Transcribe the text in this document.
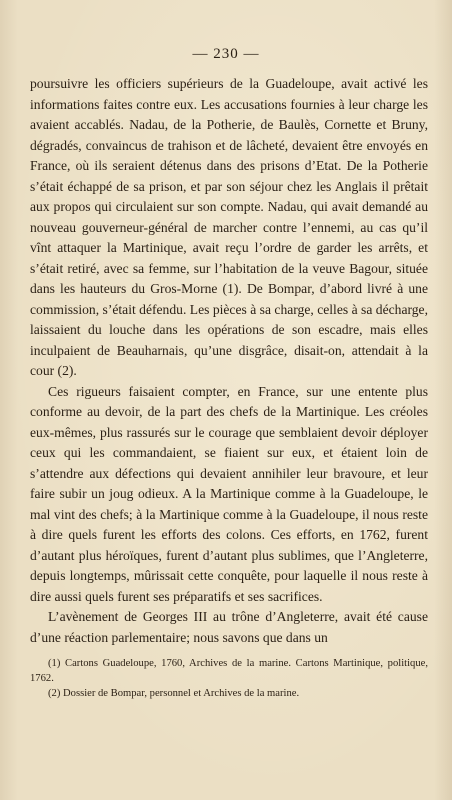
— 230 —

poursuivre les officiers supérieurs de la Guadeloupe, avait activé les informations faites contre eux. Les accusations fournies à leur charge les avaient accablés. Nadau, de la Potherie, de Baulès, Cornette et Bruny, dégradés, convaincus de trahison et de lâcheté, devaient être envoyés en France, où ils seraient détenus dans des prisons d’Etat. De la Potherie s’était échappé de sa prison, et par son séjour chez les Anglais il prêtait aux propos qui circulaient sur son compte. Nadau, qui avait demandé au nouveau gouverneur-général de marcher contre l’ennemi, au cas qu’il vînt attaquer la Martinique, avait reçu l’ordre de garder les arrêts, et s’était retiré, avec sa femme, sur l’habitation de la veuve Bagour, située dans les hauteurs du Gros-Morne (1). De Bompar, d’abord livré à une commission, s’était défendu. Les pièces à sa charge, celles à sa décharge, laissaient du louche dans les opérations de son escadre, mais elles inculpaient de Beauharnais, qu’une disgrâce, disait-on, attendait à la cour (2).

Ces rigueurs faisaient compter, en France, sur une entente plus conforme au devoir, de la part des chefs de la Martinique. Les créoles eux-mêmes, plus rassurés sur le courage que semblaient devoir déployer ceux qui les commandaient, se fiaient sur eux, et étaient loin de s’attendre aux défections qui devaient annihiler leur bravoure, et leur faire subir un joug odieux. A la Martinique comme à la Guadeloupe, le mal vint des chefs; à la Martinique comme à la Guadeloupe, il nous reste à dire quels furent les efforts des colons. Ces efforts, en 1762, furent d’autant plus héroïques, furent d’autant plus sublimes, que l’Angleterre, depuis longtemps, mûrissait cette conquête, pour laquelle il nous reste à dire aussi quels furent ses préparatifs et ses sacrifices.

L’avènement de Georges III au trône d’Angleterre, avait été cause d’une réaction parlementaire; nous savons que dans un

(1) Cartons Guadeloupe, 1760, Archives de la marine. Cartons Martinique, politique, 1762.

(2) Dossier de Bompar, personnel et Archives de la marine.
